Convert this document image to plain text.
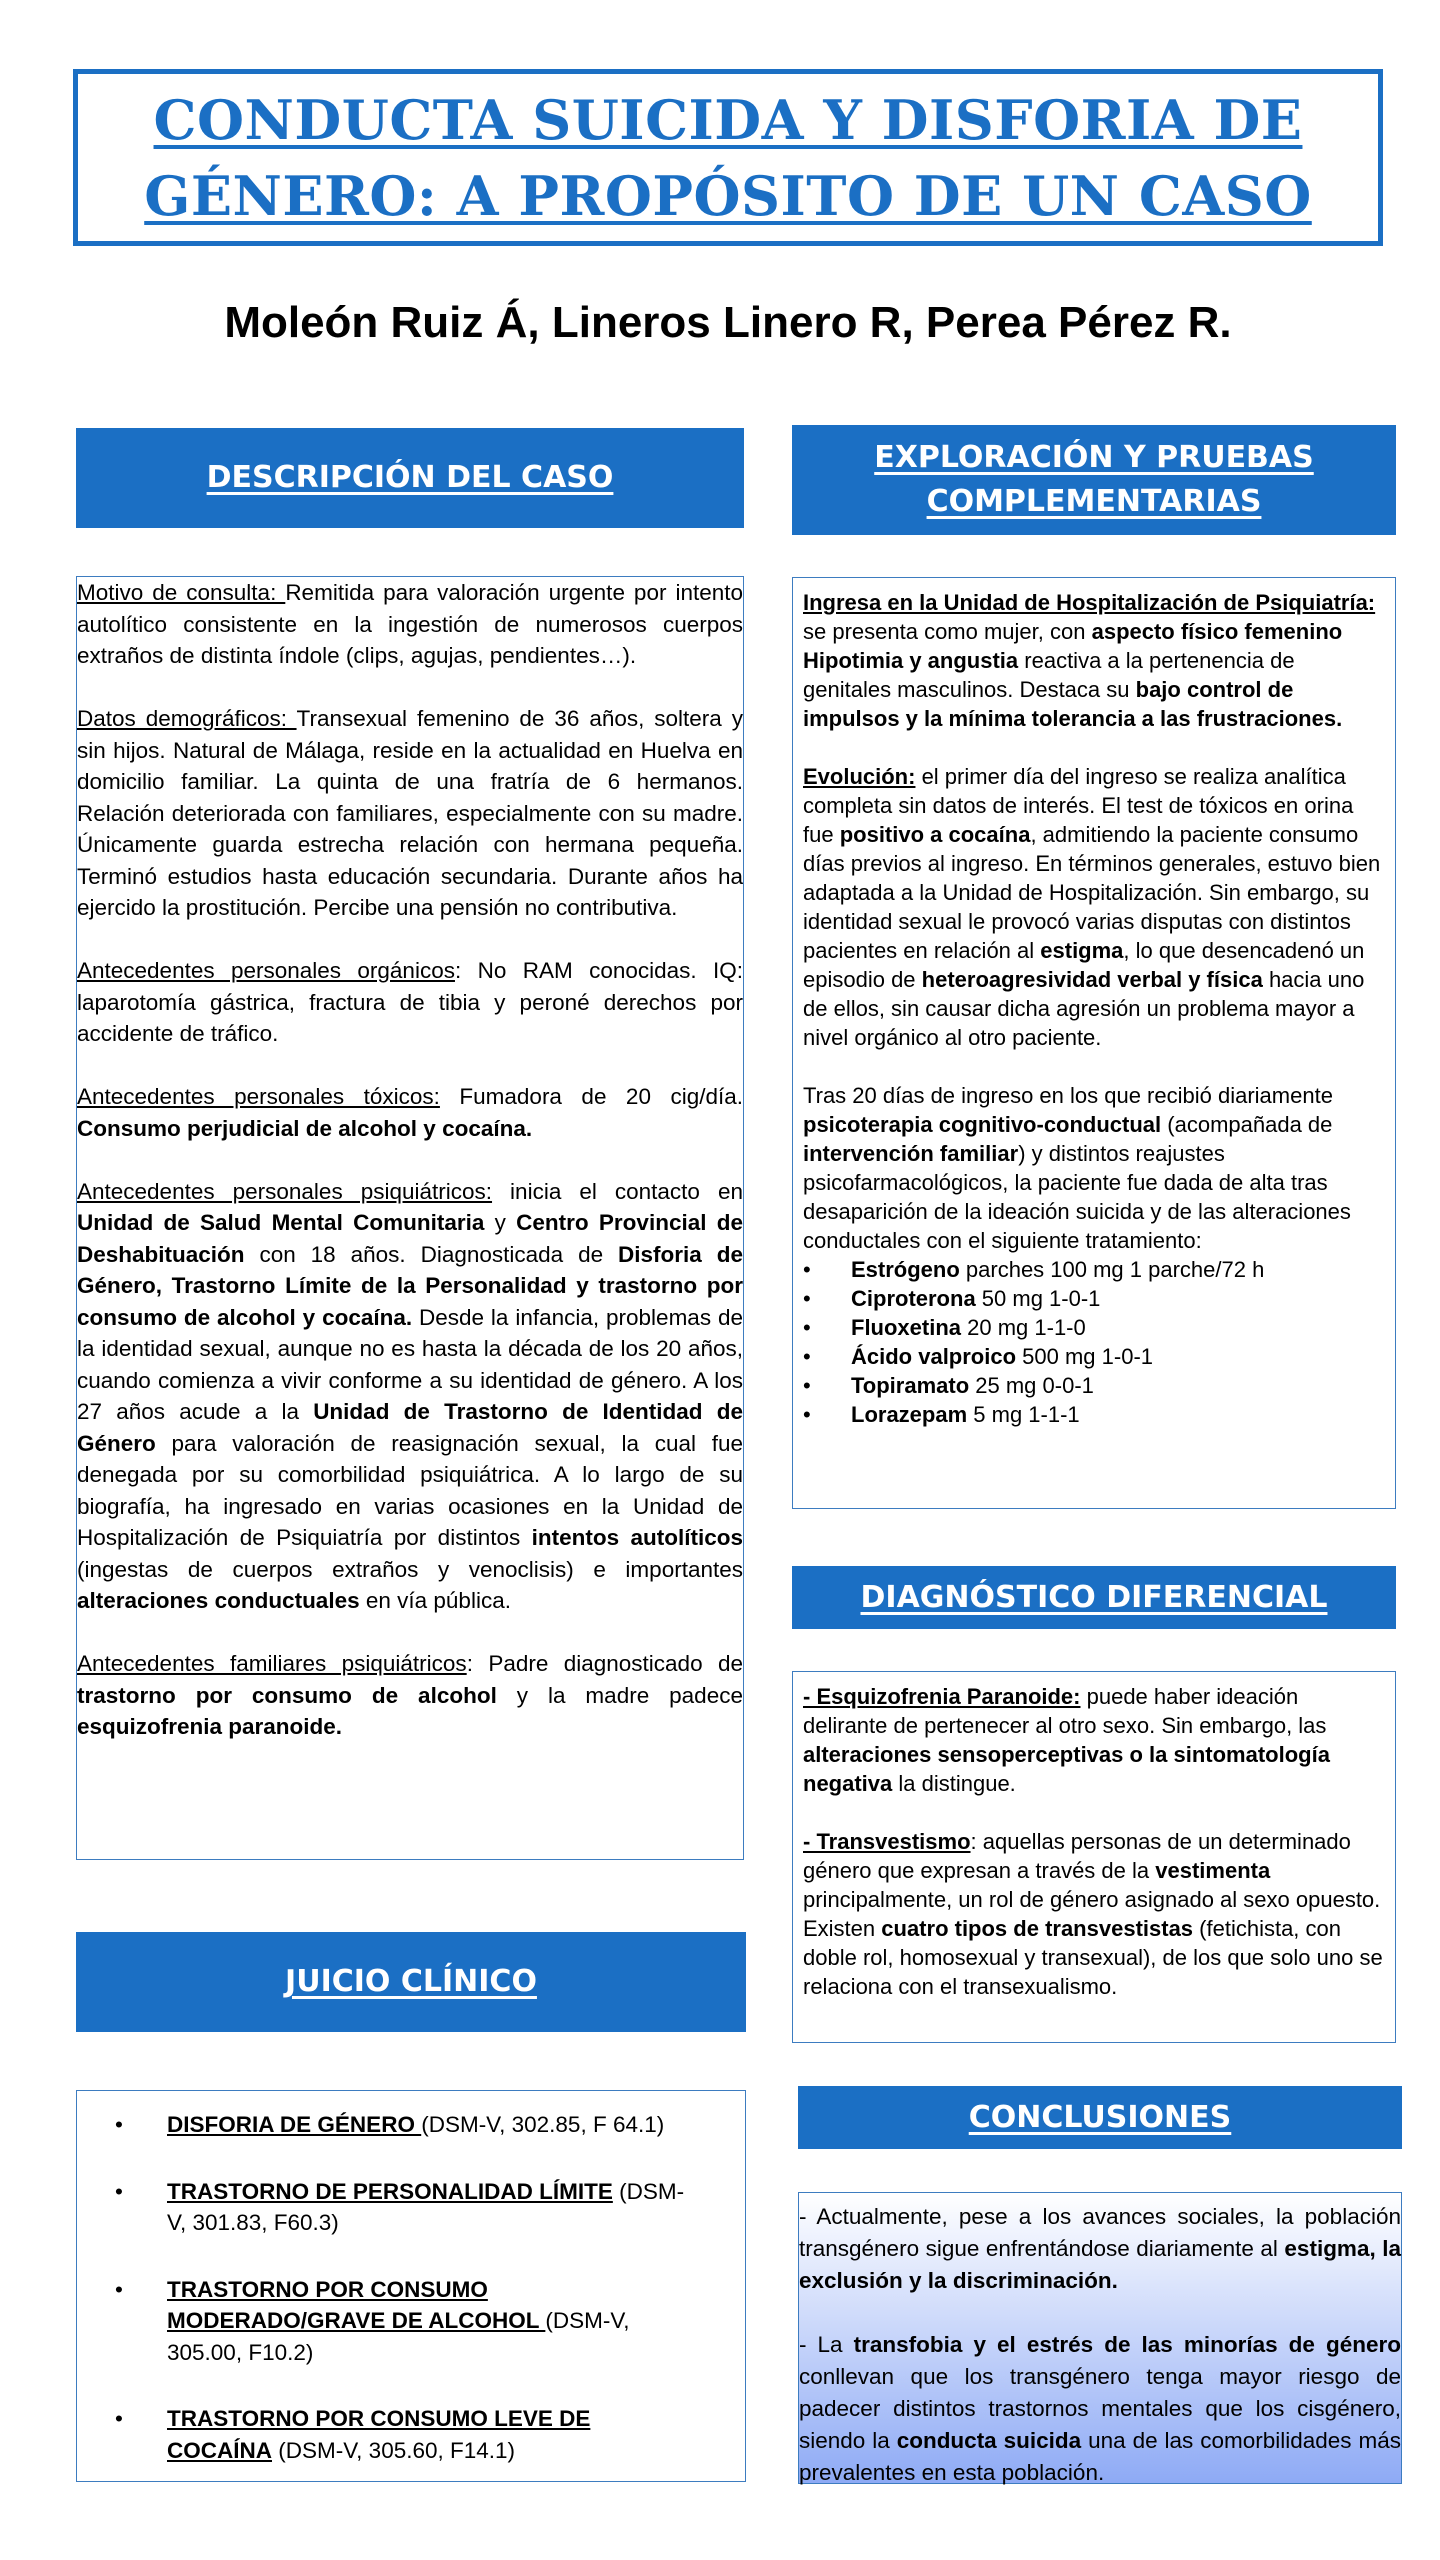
CONDUCTA SUICIDA Y DISFORIA DE
GÉNERO: A PROPÓSITO DE UN CASO
Moleón Ruiz Á, Lineros Linero R, Perea Pérez R.
DESCRIPCIÓN DEL CASO

Motivo de consulta: Remitida para valoración urgente por intento autolítico consistente en la ingestión de numerosos cuerpos extraños de distinta índole (clips, agujas, pendientes…).

Datos demográficos: Transexual femenino de 36 años, soltera y sin hijos. Natural de Málaga, reside en la actualidad en Huelva en domicilio familiar. La quinta de una fratría de 6 hermanos. Relación deteriorada con familiares, especialmente con su madre. Únicamente guarda estrecha relación con hermana pequeña. Terminó estudios hasta educación secundaria. Durante años ha ejercido la prostitución. Percibe una pensión no contributiva.

Antecedentes personales orgánicos: No RAM conocidas. IQ: laparotomía gástrica, fractura de tibia y peroné derechos por accidente de tráfico.

Antecedentes personales tóxicos: Fumadora de 20 cig/día. Consumo perjudicial de alcohol y cocaína.

Antecedentes personales psiquiátricos: inicia el contacto en Unidad de Salud Mental Comunitaria y Centro Provincial de Deshabituación con 18 años. Diagnosticada de Disforia de Género, Trastorno Límite de la Personalidad y trastorno por consumo de alcohol y cocaína. Desde la infancia, problemas de la identidad sexual, aunque no es hasta la década de los 20 años, cuando comienza a vivir conforme a su identidad de género. A los 27 años acude a la Unidad de Trastorno de Identidad de Género para valoración de reasignación sexual, la cual fue denegada por su comorbilidad psiquiátrica. A lo largo de su biografía, ha ingresado en varias ocasiones en la Unidad de Hospitalización de Psiquiatría por distintos intentos autolíticos (ingestas de cuerpos extraños y venoclisis) e importantes alteraciones conductuales en vía pública.

Antecedentes familiares psiquiátricos: Padre diagnosticado de trastorno por consumo de alcohol y la madre padece esquizofrenia paranoide.

JUICIO CLÍNICO
•	DISFORIA DE GÉNERO (DSM-V, 302.85, F 64.1)
•	TRASTORNO DE PERSONALIDAD LÍMITE (DSM-V, 301.83, F60.3)
•	TRASTORNO POR CONSUMO MODERADO/GRAVE DE ALCOHOL (DSM-V, 305.00, F10.2)
•	TRASTORNO POR CONSUMO LEVE DE COCAÍNA (DSM-V, 305.60, F14.1)
EXPLORACIÓN Y PRUEBAS
COMPLEMENTARIAS

Ingresa en la Unidad de Hospitalización de Psiquiatría: se presenta como mujer, con aspecto físico femenino Hipotimia y angustia reactiva a la pertenencia de genitales masculinos. Destaca su bajo control de impulsos y la mínima tolerancia a las frustraciones.

Evolución: el primer día del ingreso se realiza analítica completa sin datos de interés. El test de tóxicos en orina fue positivo a cocaína, admitiendo la paciente consumo días previos al ingreso. En términos generales, estuvo bien adaptada a la Unidad de Hospitalización. Sin embargo, su identidad sexual le provocó varias disputas con distintos pacientes en relación al estigma, lo que desencadenó un episodio de heteroagresividad verbal y física hacia uno de ellos, sin causar dicha agresión un problema mayor a nivel orgánico al otro paciente.

Tras 20 días de ingreso en los que recibió diariamente psicoterapia cognitivo-conductual (acompañada de intervención familiar) y distintos reajustes psicofarmacológicos, la paciente fue dada de alta tras desaparición de la ideación suicida y de las alteraciones conductales con el siguiente tratamiento:

•	Estrógeno parches 100 mg 1 parche/72 h
•	Ciproterona 50 mg 1-0-1
•	Fluoxetina 20 mg 1-1-0
•	Ácido valproico 500 mg 1-0-1
•	Topiramato 25 mg 0-0-1
•	Lorazepam 5 mg 1-1-1
DIAGNÓSTICO DIFERENCIAL

- Esquizofrenia Paranoide: puede haber ideación delirante de pertenecer al otro sexo. Sin embargo, las alteraciones sensoperceptivas o la sintomatología negativa la distingue.

- Transvestismo: aquellas personas de un determinado género que expresan a través de la vestimenta principalmente, un rol de género asignado al sexo opuesto. Existen cuatro tipos de transvestistas (fetichista, con doble rol, homosexual y transexual), de los que solo uno se relaciona con el transexualismo.

CONCLUSIONES

- Actualmente, pese a los avances sociales, la población transgénero sigue enfrentándose diariamente al estigma, la exclusión y la discriminación.

- La transfobia y el estrés de las minorías de género conllevan que los transgénero tenga mayor riesgo de padecer distintos trastornos mentales que los cisgénero, siendo la conducta suicida una de las comorbilidades más prevalentes en esta población.
